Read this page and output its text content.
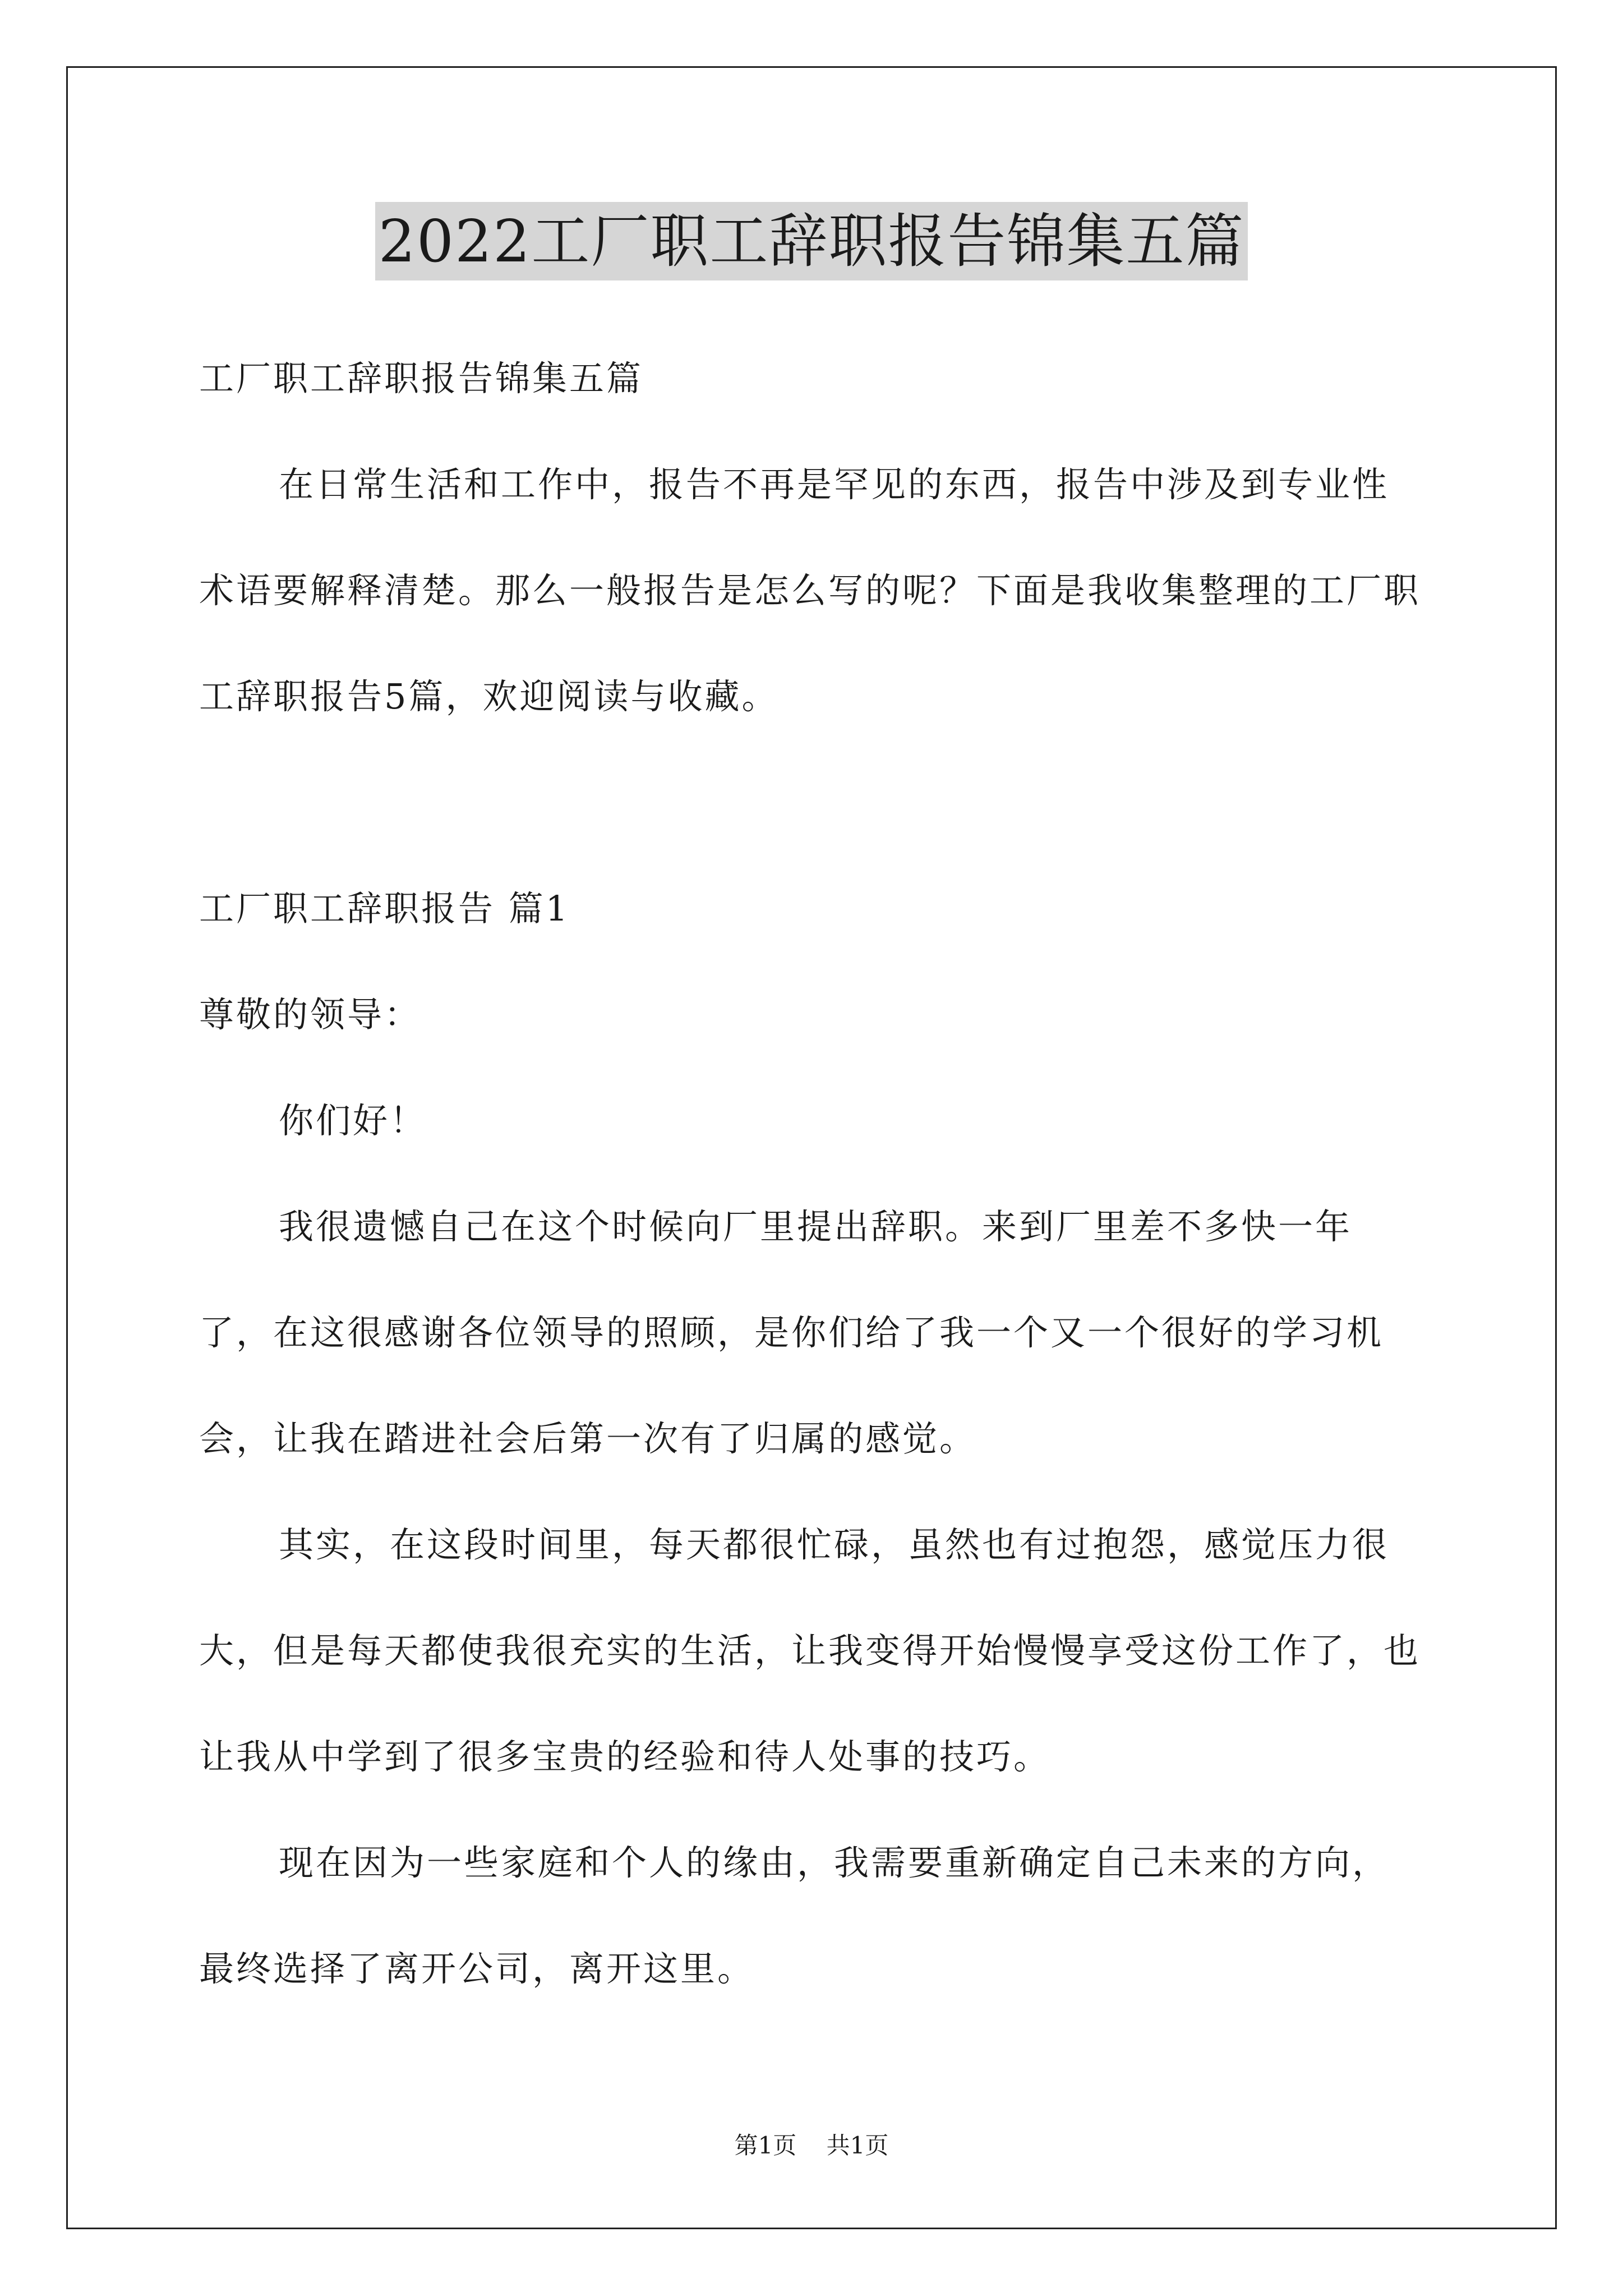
2022工厂职工辞职报告锦集五篇

工厂职工辞职报告锦集五篇

在日常生活和工作中，报告不再是罕见的东西，报告中涉及到专业性术语要解释清楚。那么一般报告是怎么写的呢？下面是我收集整理的工厂职工辞职报告5篇，欢迎阅读与收藏。

工厂职工辞职报告 篇1

尊敬的领导：

你们好！

我很遗憾自己在这个时候向厂里提出辞职。来到厂里差不多快一年了，在这很感谢各位领导的照顾，是你们给了我一个又一个很好的学习机会，让我在踏进社会后第一次有了归属的感觉。

其实，在这段时间里，每天都很忙碌，虽然也有过抱怨，感觉压力很大，但是每天都使我很充实的生活，让我变得开始慢慢享受这份工作了，也让我从中学到了很多宝贵的经验和待人处事的技巧。

现在因为一些家庭和个人的缘由，我需要重新确定自己未来的方向，最终选择了离开公司，离开这里。

第1页 共1页
